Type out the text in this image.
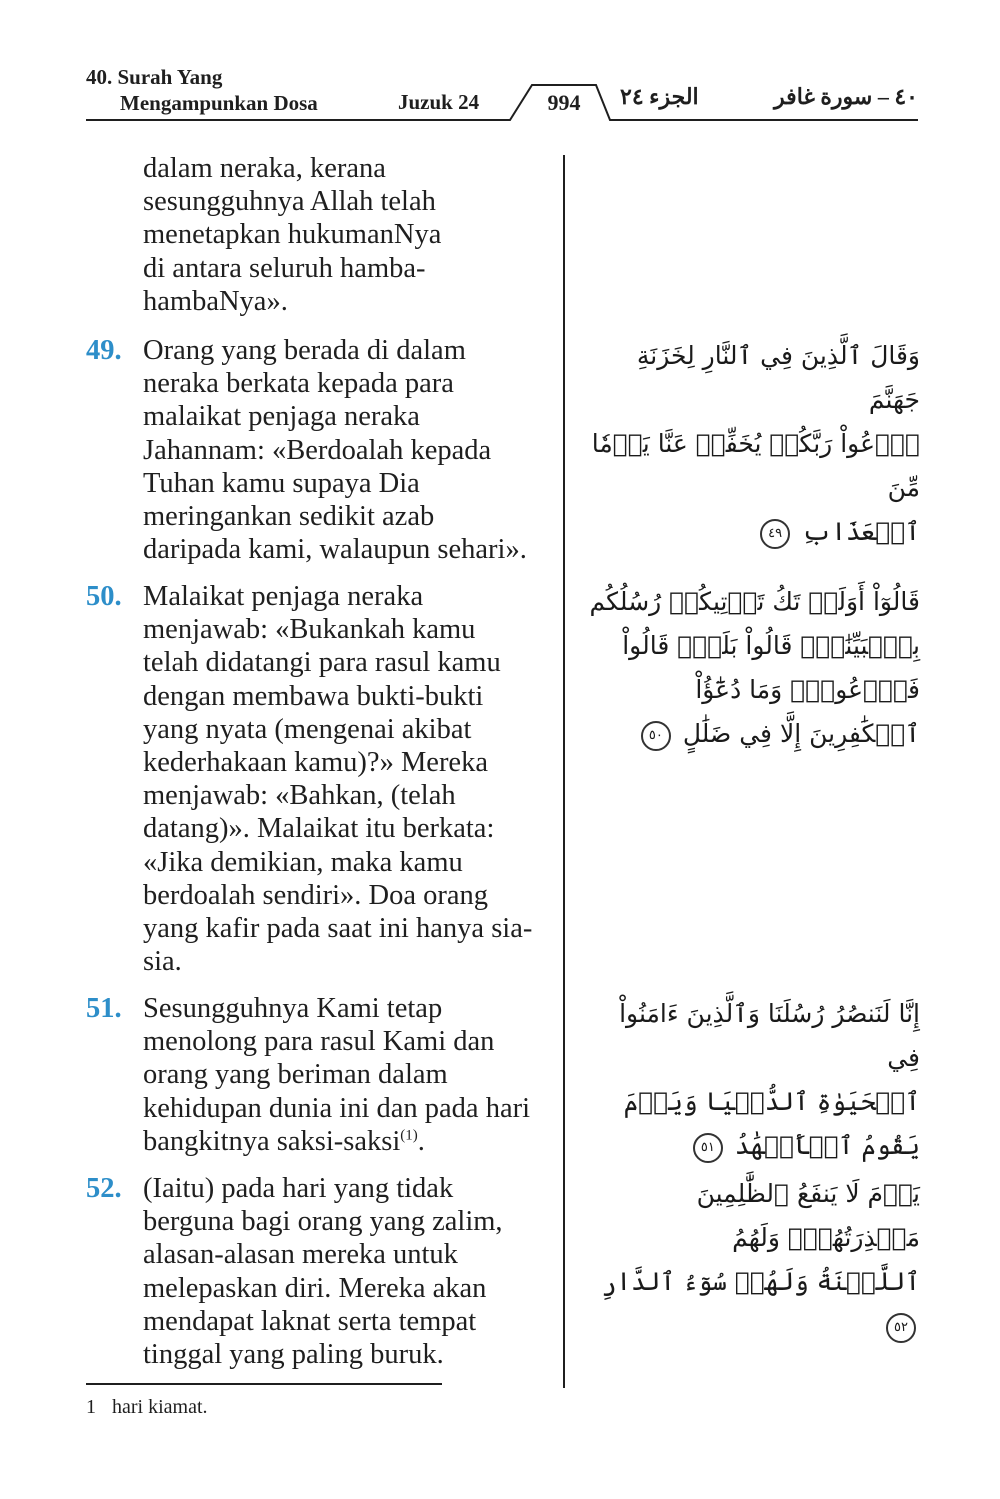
40. Surah Yang
Mengampunkan Dosa	Juzuk 24	994	الجزء ٢٤	٤٠ – سورة غافر
dalam neraka, kerana
sesungguhnya Allah telah
menetapkan hukumanNya
di antara seluruh hamba-
hambaNya».
49. Orang yang berada di dalam
neraka berkata kepada para
malaikat penjaga neraka
Jahannam: «Berdoalah kepada
Tuhan kamu supaya Dia
meringankan sedikit azab
daripada kami, walaupun sehari».
وَقَالَ ٱلَّذِينَ فِي ٱلنَّارِ لِخَزَنَةِ جَهَنَّمَ
ٱدۡعُواْ رَبَّكُمۡ يُخَفِّفۡ عَنَّا يَوۡمٗا مِّنَ
ٱلۡعَذَابِ ٤٩
50. Malaikat penjaga neraka
menjawab: «Bukankah kamu
telah didatangi para rasul kamu
dengan membawa bukti-bukti
yang nyata (mengenai akibat
kederhakaan kamu)?» Mereka
menjawab: «Bahkan, (telah
datang)». Malaikat itu berkata:
«Jika demikian, maka kamu
berdoalah sendiri». Doa orang
yang kafir pada saat ini hanya sia-
sia.
قَالُوٓاْ أَوَلَمۡ تَكُ تَأۡتِيكُمۡ رُسُلُكُم
بِٱلۡبَيِّنَٰتِۖ قَالُواْ بَلَىٰۚ قَالُواْ فَٱدۡعُواْۗ وَمَا دُعَٰٓؤُاْ
ٱلۡكَٰفِرِينَ إِلَّا فِي ضَلَٰلٍ ٥٠
51. Sesungguhnya Kami tetap
menolong para rasul Kami dan
orang yang beriman dalam
kehidupan dunia ini dan pada hari
bangkitnya saksi-saksi$^{(1)}$.
إِنَّا لَنَنصُرُ رُسُلَنَا وَٱلَّذِينَ ءَامَنُواْ فِي
ٱلۡحَيَوٰةِ ٱلدُّنۡيَا وَيَوۡمَ يَقُومُ ٱلۡأَشۡهَٰدُ ٥١
52. (Iaitu) pada hari yang tidak
berguna bagi orang yang zalim,
alasan-alasan mereka untuk
melepaskan diri. Mereka akan
mendapat laknat serta tempat
tinggal yang paling buruk.
يَوۡمَ لَا يَنفَعُ ٱلظَّٰلِمِينَ مَعۡذِرَتُهُمۡۖ وَلَهُمُ
ٱللَّعۡنَةُ وَلَهُمۡ سُوٓءُ ٱلدَّارِ ٥٢
1 hari kiamat.
